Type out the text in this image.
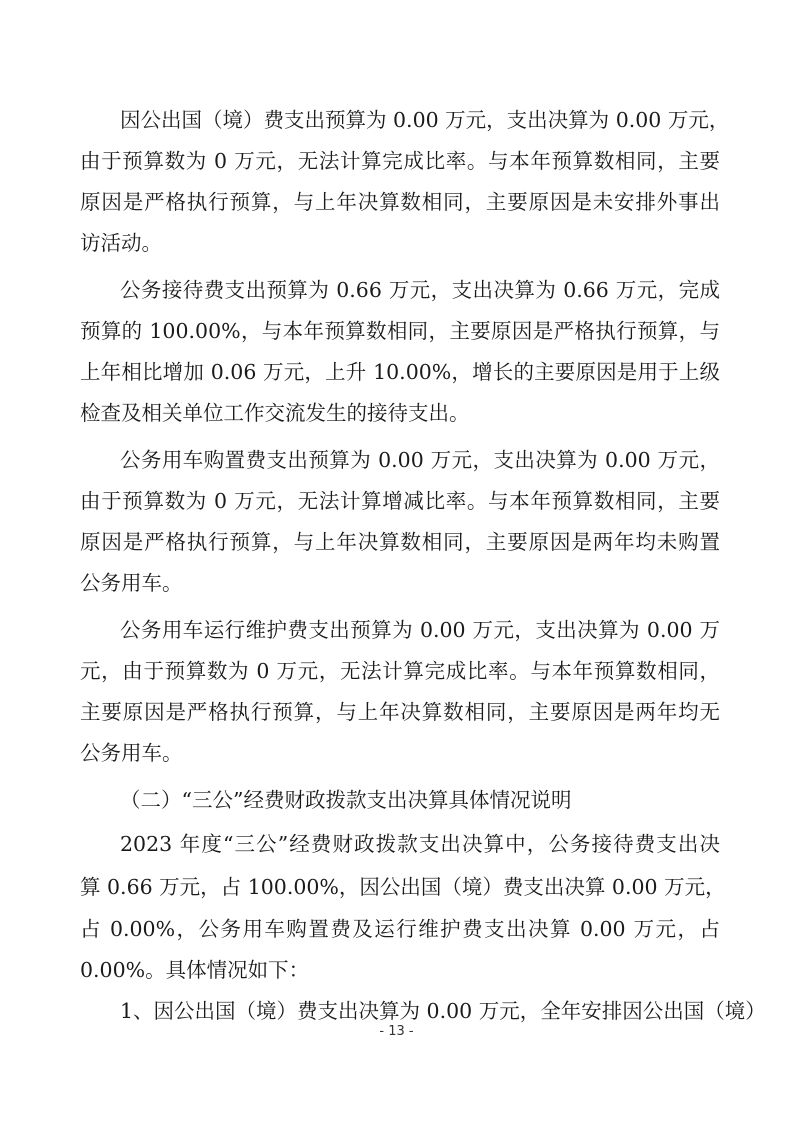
因公出国（境）费支出预算为 0.00 万元，支出决算为 0.00 万元，
由于预算数为 0 万元，无法计算完成比率。与本年预算数相同，主要
原因是严格执行预算，与上年决算数相同，主要原因是未安排外事出
访活动。
公务接待费支出预算为 0.66 万元，支出决算为 0.66 万元，完成
预算的 100.00%，与本年预算数相同，主要原因是严格执行预算，与
上年相比增加 0.06 万元，上升 10.00%，增长的主要原因是用于上级
检查及相关单位工作交流发生的接待支出。
公务用车购置费支出预算为 0.00 万元，支出决算为 0.00 万元，
由于预算数为 0 万元，无法计算增减比率。与本年预算数相同，主要
原因是严格执行预算，与上年决算数相同，主要原因是两年均未购置
公务用车。
公务用车运行维护费支出预算为 0.00 万元，支出决算为 0.00 万
元，由于预算数为 0 万元，无法计算完成比率。与本年预算数相同，
主要原因是严格执行预算，与上年决算数相同，主要原因是两年均无
公务用车。
（二）“三公”经费财政拨款支出决算具体情况说明
2023 年度“三公”经费财政拨款支出决算中，公务接待费支出决
算 0.66 万元，占 100.00%，因公出国（境）费支出决算 0.00 万元，
占 0.00%，公务用车购置费及运行维护费支出决算 0.00 万元，占
0.00%。具体情况如下：
1、因公出国（境）费支出决算为 0.00 万元，全年安排因公出国（境）
- 13 -
